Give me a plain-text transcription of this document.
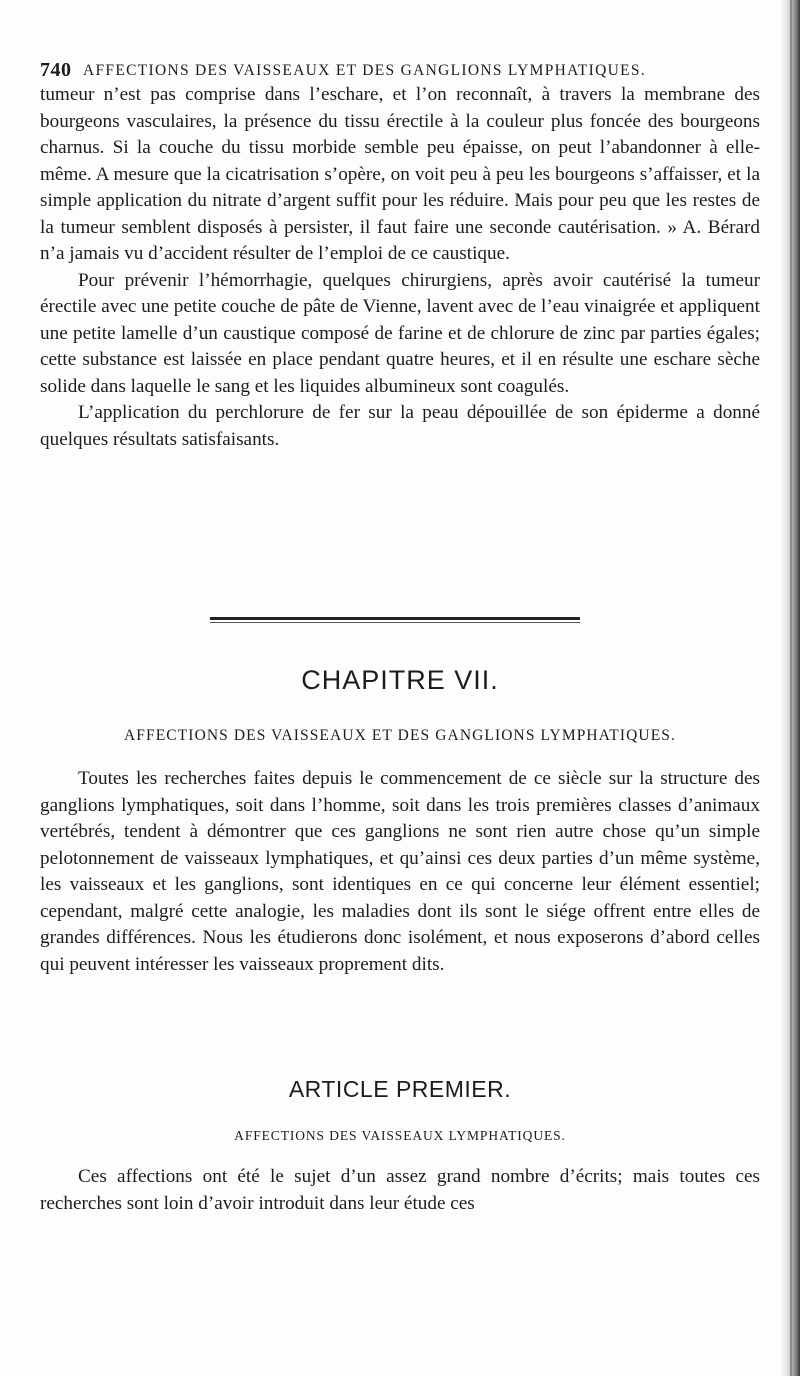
740 AFFECTIONS DES VAISSEAUX ET DES GANGLIONS LYMPHATIQUES.

tumeur n’est pas comprise dans l’eschare, et l’on reconnaît, à travers la membrane des bourgeons vasculaires, la présence du tissu érectile à la couleur plus foncée des bourgeons charnus. Si la couche du tissu morbide semble peu épaisse, on peut l’abandonner à elle-même. A mesure que la cicatrisation s’opère, on voit peu à peu les bourgeons s’affaisser, et la simple application du nitrate d’argent suffit pour les réduire. Mais pour peu que les restes de la tumeur semblent disposés à persister, il faut faire une seconde cautérisation. » A. Bérard n’a jamais vu d’accident résulter de l’emploi de ce caustique.

Pour prévenir l’hémorrhagie, quelques chirurgiens, après avoir cautérisé la tumeur érectile avec une petite couche de pâte de Vienne, lavent avec de l’eau vinaigrée et appliquent une petite lamelle d’un caustique composé de farine et de chlorure de zinc par parties égales; cette substance est laissée en place pendant quatre heures, et il en résulte une eschare sèche solide dans laquelle le sang et les liquides albumineux sont coagulés.

L’application du perchlorure de fer sur la peau dépouillée de son épiderme a donné quelques résultats satisfaisants.

CHAPITRE VII.
AFFECTIONS DES VAISSEAUX ET DES GANGLIONS LYMPHATIQUES.

Toutes les recherches faites depuis le commencement de ce siècle sur la structure des ganglions lymphatiques, soit dans l’homme, soit dans les trois premières classes d’animaux vertébrés, tendent à démontrer que ces ganglions ne sont rien autre chose qu’un simple pelotonnement de vaisseaux lymphatiques, et qu’ainsi ces deux parties d’un même système, les vaisseaux et les ganglions, sont identiques en ce qui concerne leur élément essentiel; cependant, malgré cette analogie, les maladies dont ils sont le siége offrent entre elles de grandes différences. Nous les étudierons donc isolément, et nous exposerons d’abord celles qui peuvent intéresser les vaisseaux proprement dits.

ARTICLE PREMIER.
AFFECTIONS DES VAISSEAUX LYMPHATIQUES.

Ces affections ont été le sujet d’un assez grand nombre d’écrits; mais toutes ces recherches sont loin d’avoir introduit dans leur étude ces
